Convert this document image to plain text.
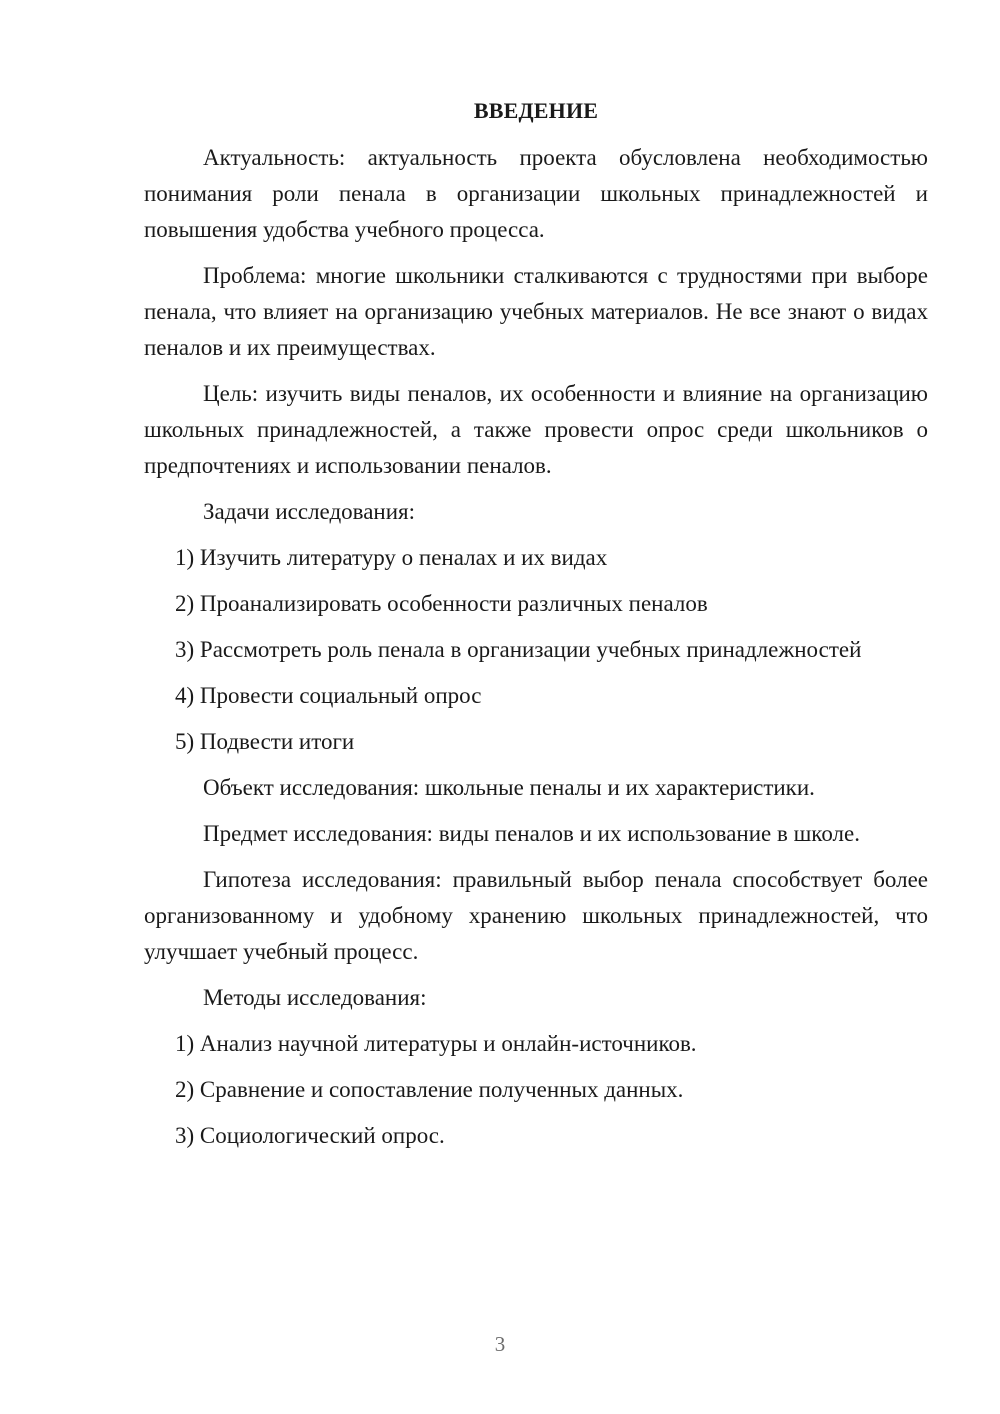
ВВЕДЕНИЕ

Актуальность: актуальность проекта обусловлена необходимостью понимания роли пенала в организации школьных принадлежностей и повышения удобства учебного процесса.

Проблема: многие школьники сталкиваются с трудностями при выборе пенала, что влияет на организацию учебных материалов. Не все знают о видах пеналов и их преимуществах.

Цель: изучить виды пеналов, их особенности и влияние на организацию школьных принадлежностей, а также провести опрос среди школьников о предпочтениях и использовании пеналов.

Задачи исследования:

1) Изучить литературу о пеналах и их видах
2) Проанализировать особенности различных пеналов
3) Рассмотреть роль пенала в организации учебных принадлежностей
4) Провести социальный опрос
5) Подвести итоги

Объект исследования: школьные пеналы и их характеристики.

Предмет исследования: виды пеналов и их использование в школе.

Гипотеза исследования: правильный выбор пенала способствует более организованному и удобному хранению школьных принадлежностей, что улучшает учебный процесс.

Методы исследования:

1) Анализ научной литературы и онлайн-источников.
2) Сравнение и сопоставление полученных данных.
3) Социологический опрос.
3
